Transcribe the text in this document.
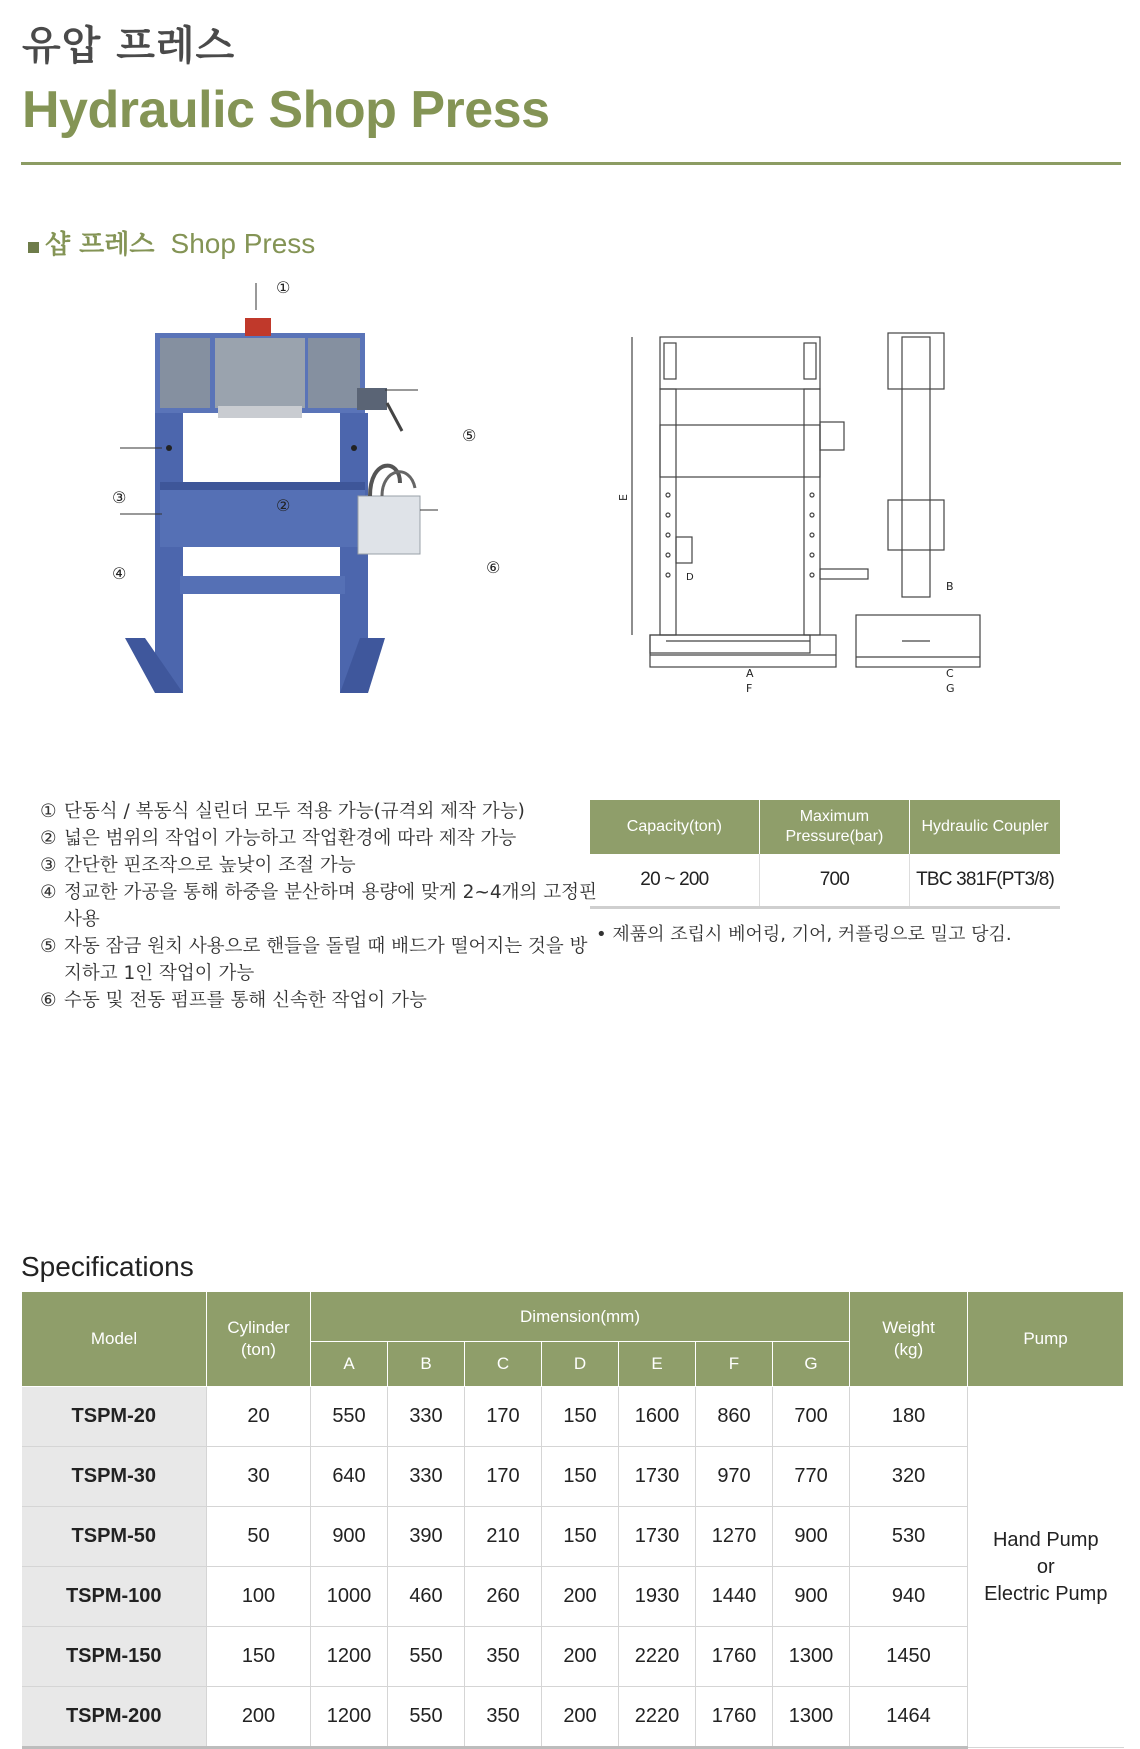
유압 프레스
Hydraulic Shop Press
샵 프레스 Shop Press
①
②
③
④
⑤
⑥
E
D
A
F
B
C
G
① 단동식 / 복동식 실린더 모두 적용 가능(규격외 제작 가능)
② 넓은 범위의 작업이 가능하고 작업환경에 따라 제작 가능
③ 간단한 핀조작으로 높낮이 조절 가능
④ 정교한 가공을 통해 하중을 분산하며 용량에 맞게 2~4개의 고정핀 사용
⑤ 자동 잠금 원치 사용으로 핸들을 돌릴 때 배드가 떨어지는 것을 방지하고 1인 작업이 가능
⑥ 수동 및 전동 펌프를 통해 신속한 작업이 가능
Capacity(ton)	Maximum Pressure(bar)	Hydraulic Coupler
20 ~ 200	700	TBC 381F(PT3/8)
• 제품의 조립시 베어링, 기어, 커플링으로 밀고 당김.
Specifications
Model	Cylinder (ton)	Dimension(mm)							Weight (kg)	Pump
		A	B	C	D	E	F	G		
TSPM-20	20	550	330	170	150	1600	860	700	180	Hand Pump
or
Electric Pump

TSPM-30	30	640	330	170	150	1730	970	770	320	
TSPM-50	50	900	390	210	150	1730	1270	900	530	
TSPM-100	100	1000	460	260	200	1930	1440	900	940	
TSPM-150	150	1200	550	350	200	2220	1760	1300	1450	
TSPM-200	200	1200	550	350	200	2220	1760	1300	1464	
